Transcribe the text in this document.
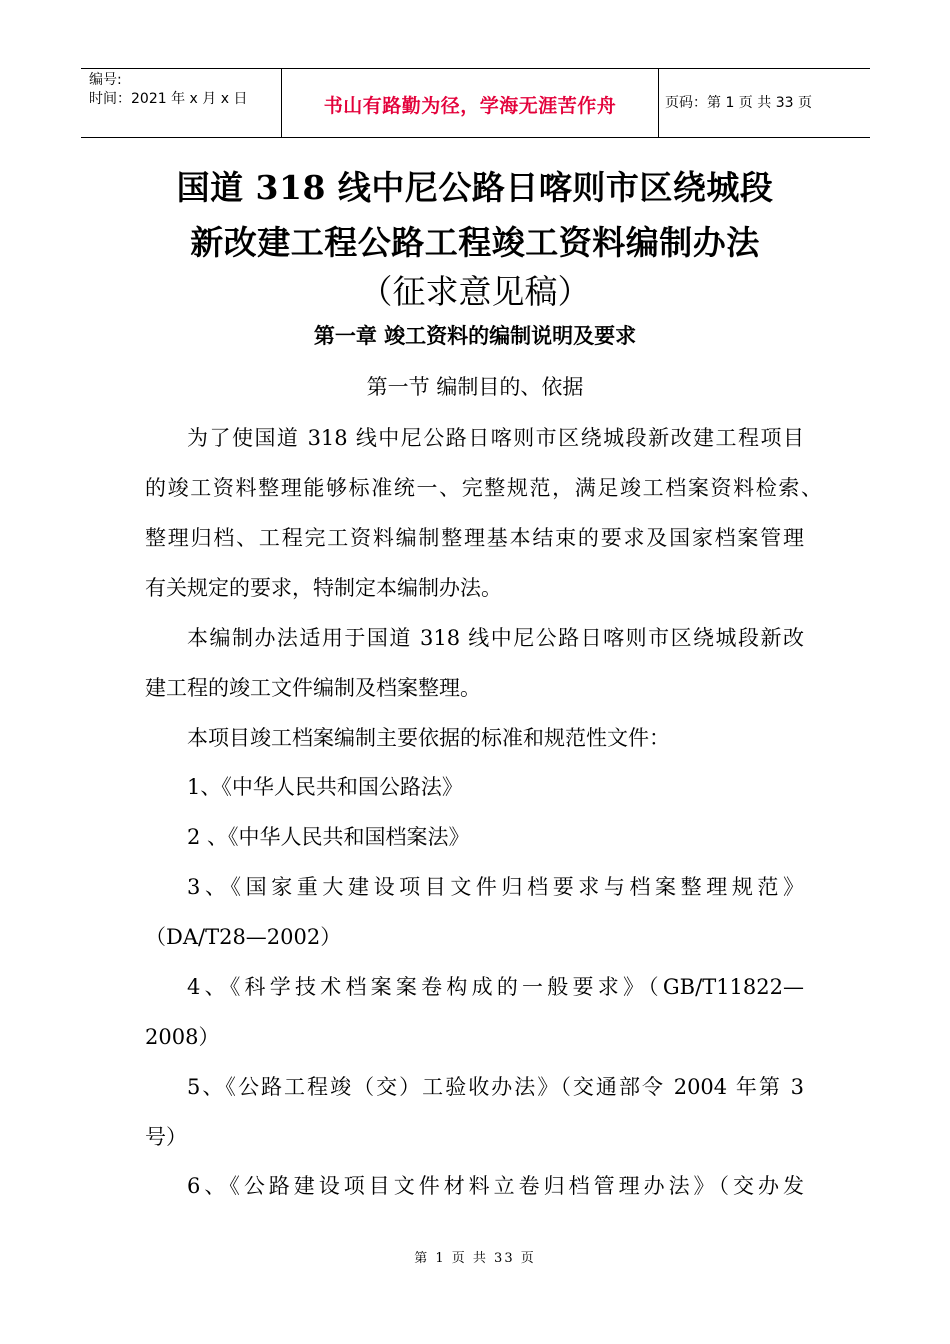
编号:
时间：2021 年 x 月 x 日	书山有路勤为径，学海无涯苦作舟	页码：第 1 页 共 33 页
国道 318 线中尼公路日喀则市区绕城段
新改建工程公路工程竣工资料编制办法
（征求意见稿）
第一章 竣工资料的编制说明及要求
第一节 编制目的、依据
为了使国道 318 线中尼公路日喀则市区绕城段新改建工程项目
的竣工资料整理能够标准统一、完整规范，满足竣工档案资料检索、
整理归档、工程完工资料编制整理基本结束的要求及国家档案管理
有关规定的要求，特制定本编制办法。
本编制办法适用于国道 318 线中尼公路日喀则市区绕城段新改
建工程的竣工文件编制及档案整理。
本项目竣工档案编制主要依据的标准和规范性文件：
1、《中华人民共和国公路法》
2 、《中华人民共和国档案法》
3、《国家重大建设项目文件归档要求与档案整理规范》
（DA/T28—2002）
4、《科学技术档案案卷构成的一般要求》（GB/T11822—
2008）
5、《公路工程竣（交）工验收办法》（交通部令 2004 年第 3
号）
6、《公路建设项目文件材料立卷归档管理办法》（交办发
第 1 页 共 33 页
